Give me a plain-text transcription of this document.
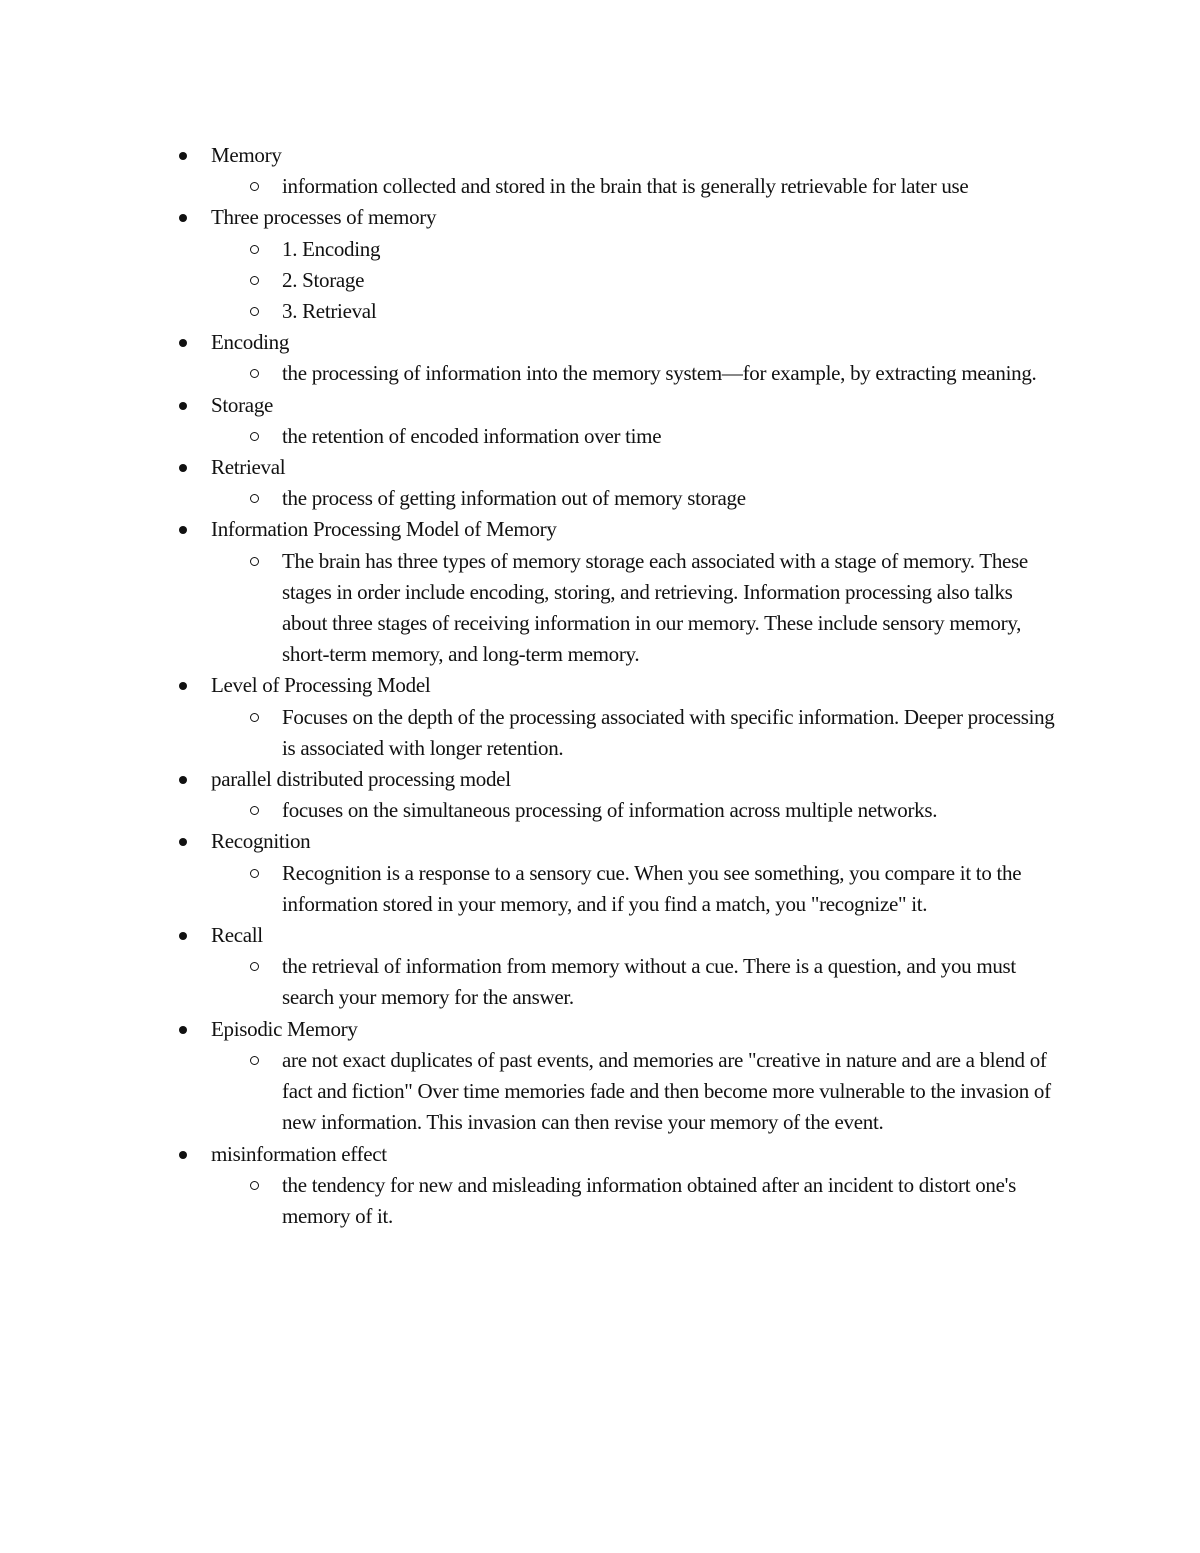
Memory
information collected and stored in the brain that is generally retrievable for later use
Three processes of memory
1. Encoding
2. Storage
3. Retrieval
Encoding
the processing of information into the memory system—for example, by extracting meaning.
Storage
the retention of encoded information over time
Retrieval
the process of getting information out of memory storage
Information Processing Model of Memory
The brain has three types of memory storage each associated with a stage of memory. These stages in order include encoding, storing, and retrieving. Information processing also talks about three stages of receiving information in our memory. These include sensory memory, short-term memory, and long-term memory.
Level of Processing Model
Focuses on the depth of the processing associated with specific information. Deeper processing is associated with longer retention.
parallel distributed processing model
focuses on the simultaneous processing of information across multiple networks.
Recognition
Recognition is a response to a sensory cue. When you see something, you compare it to the information stored in your memory, and if you find a match, you "recognize" it.
Recall
the retrieval of information from memory without a cue. There is a question, and you must search your memory for the answer.
Episodic Memory
are not exact duplicates of past events, and memories are "creative in nature and are a blend of fact and fiction" Over time memories fade and then become more vulnerable to the invasion of new information. This invasion can then revise your memory of the event.
misinformation effect
the tendency for new and misleading information obtained after an incident to distort one's memory of it.
